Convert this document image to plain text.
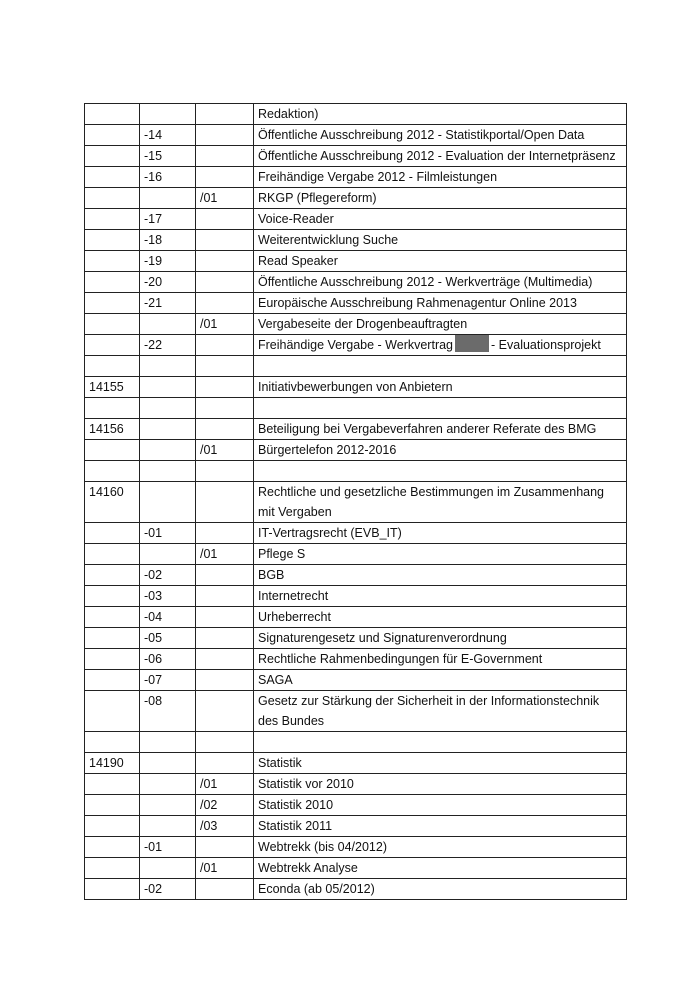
			Redaktion)
	-14		Öffentliche Ausschreibung 2012 - Statistikportal/Open Data
	-15		Öffentliche Ausschreibung 2012 - Evaluation der Internetpräsenz
	-16		Freihändige Vergabe 2012 - Filmleistungen
		/01	RKGP (Pflegereform)
	-17		Voice-Reader
	-18		Weiterentwicklung Suche
	-19		Read Speaker
	-20		Öffentliche Ausschreibung 2012 - Werkverträge (Multimedia)
	-21		Europäische Ausschreibung Rahmenagentur Online 2013
		/01	Vergabeseite der Drogenbeauftragten
	-22		Freihändige Vergabe - Werkvertrag - Evaluationsprojekt

14155			Initiativbewerbungen von Anbietern

14156			Beteiligung bei Vergabeverfahren anderer Referate des BMG
		/01	Bürgertelefon 2012-2016

14160			Rechtliche und gesetzliche Bestimmungen im Zusammenhang mit Vergaben
	-01		IT-Vertragsrecht (EVB_IT)
		/01	Pflege S
	-02		BGB
	-03		Internetrecht
	-04		Urheberrecht
	-05		Signaturengesetz und Signaturenverordnung
	-06		Rechtliche Rahmenbedingungen für E-Government
	-07		SAGA
	-08		Gesetz zur Stärkung der Sicherheit in der Informationstechnik des Bundes

14190			Statistik
		/01	Statistik vor 2010
		/02	Statistik 2010
		/03	Statistik 2011
	-01		Webtrekk (bis 04/2012)
		/01	Webtrekk Analyse
	-02		Econda (ab 05/2012)
